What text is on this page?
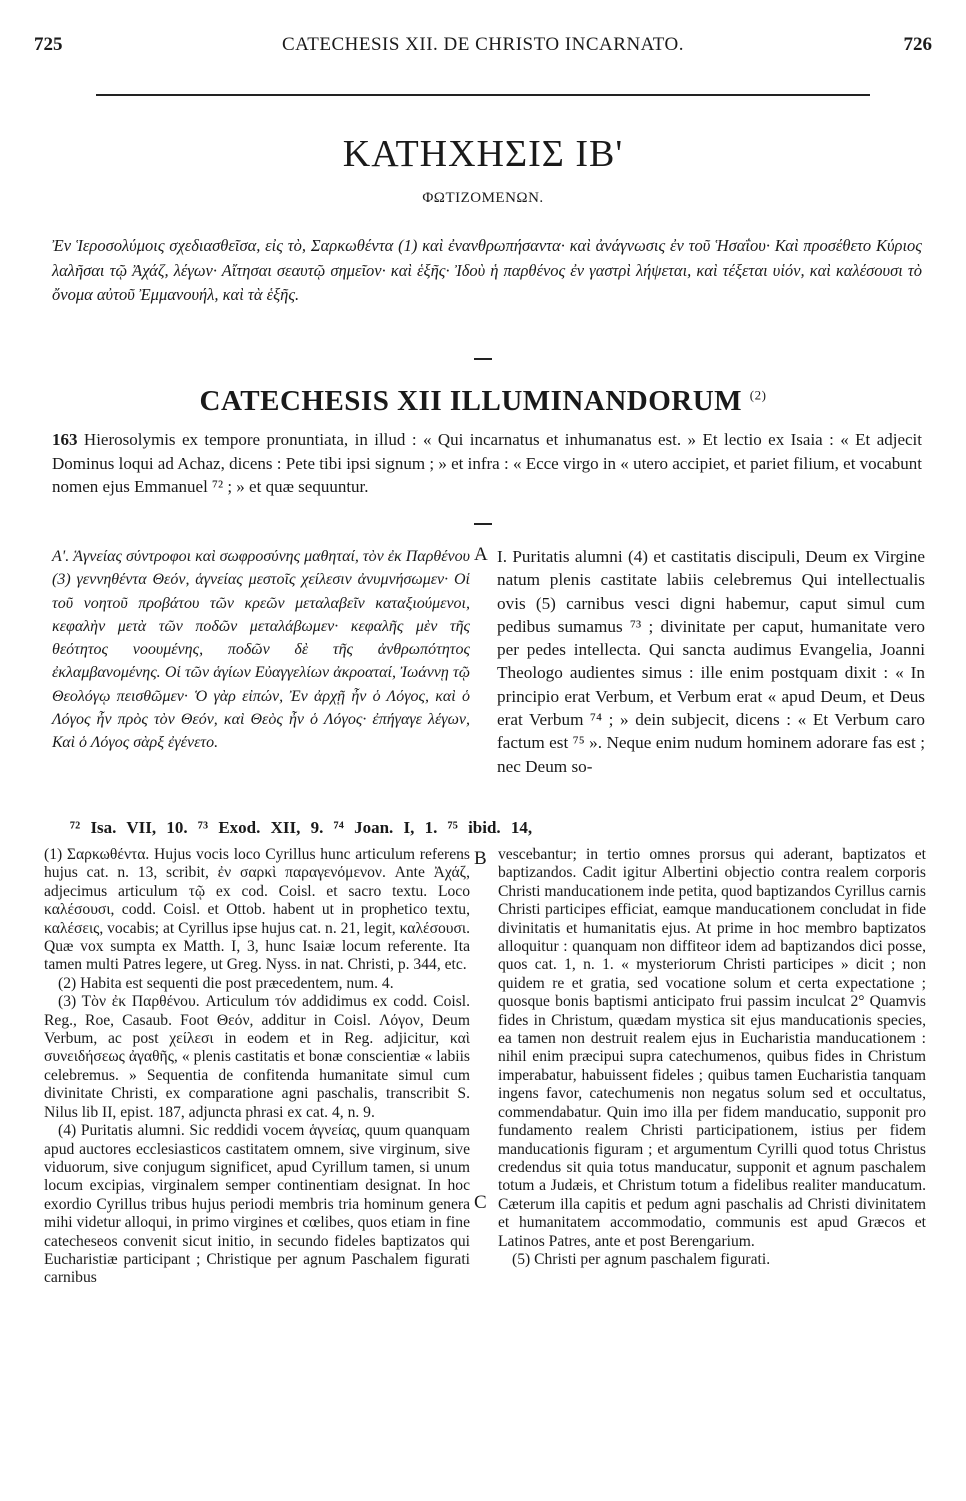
725	CATECHESIS XII. DE CHRISTO INCARNATO.	726
ΚΑΤΗΧΗΣΙΣ ΙΒ'
ΦΩΤΙΖΟΜΕΝΩΝ.
Ἐν Ἱεροσολύμοις σχεδιασθεῖσα, εἰς τὸ, Σαρκωθέντα (1) καὶ ἐνανθρωπήσαντα· καὶ ἀνάγνωσις ἐν τοῦ Ἡσαΐου· Καὶ προσέθετο Κύριος λαλῆσαι τῷ Ἀχάζ, λέγων· Αἴτησαι σεαυτῷ σημεῖον· καὶ ἑξῆς· Ἰδοὺ ἡ παρθένος ἐν γαστρὶ λήψεται, καὶ τέξεται υἱόν, καὶ καλέσουσι τὸ ὄνομα αὐτοῦ Ἐμμανουήλ, καὶ τὰ ἑξῆς.
CATECHESIS XII ILLUMINANDORUM $^{(2)}$
163 Hierosolymis ex tempore pronuntiata, in illud : « Qui incarnatus et inhumanatus est. » Et lectio ex Isaia : « Et adjecit Dominus loqui ad Achaz, dicens : Pete tibi ipsi signum ; » et infra : « Ecce virgo in « utero accipiet, et pariet filium, et vocabunt nomen ejus Emmanuel ⁷² ; » et quæ sequuntur.
Α'. Ἁγνείας σύντροφοι καὶ σωφροσύνης μαθηταί, τὸν ἐκ Παρθένου (3) γεννηθέντα Θεόν, ἁγνείας μεστοῖς χείλεσιν ἀνυμνήσωμεν· Οἱ τοῦ νοητοῦ προβάτου τῶν κρεῶν μεταλαβεῖν καταξιούμενοι, κεφαλὴν μετὰ τῶν ποδῶν μεταλάβωμεν· κεφαλῆς μὲν τῆς θεότητος νοουμένης, ποδῶν δὲ τῆς ἀνθρωπότητος ἐκλαμβανομένης. Οἱ τῶν ἁγίων Εὐαγγελίων ἀκροαταί, Ἰωάννῃ τῷ Θεολόγῳ πεισθῶμεν· Ὁ γὰρ εἰπών, Ἐν ἀρχῇ ἦν ὁ Λόγος, καὶ ὁ Λόγος ἦν πρὸς τὸν Θεόν, καὶ Θεὸς ἦν ὁ Λόγος· ἐπήγαγε λέγων, Καὶ ὁ Λόγος σὰρξ ἐγένετο.
A I. Puritatis alumni (4) et castitatis discipuli, Deum ex Virgine natum plenis castitate labiis celebremus Qui intellectualis ovis (5) carnibus vesci digni habemur, caput simul cum pedibus sumamus ⁷³ ; divinitate per caput, humanitate vero per pedes intellecta. Qui sancta audimus Evangelia, Joanni Theologo audientes simus : ille enim postquam dixit : « In principio erat Verbum, et Verbum erat « apud Deum, et Deus erat Verbum ⁷⁴ ; » dein subjecit, dicens : « Et Verbum caro factum est ⁷⁵ ». Neque enim nudum hominem adorare fas est ; nec Deum so-
⁷² Isa. VII, 10. ⁷³ Exod. XII, 9. ⁷⁴ Joan. I, 1. ⁷⁵ ibid. 14,

(1) Σαρκωθέντα. Hujus vocis loco Cyrillus hunc articulum referens hujus cat. n. 13, scribit, ἐν σαρκὶ παραγενόμενον. Ante Ἀχάζ, adjecimus articulum τῷ ex cod. Coisl. et sacro textu. Loco καλέσουσι, codd. Coisl. et Ottob. habent ut in prophetico textu, καλέσεις, vocabis; at Cyrillus ipse hujus cat. n. 21, legit, καλέσουσι. Quæ vox sumpta ex Matth. I, 3, hunc Isaiæ locum referente. Ita tamen multi Patres legere, ut Greg. Nyss. in nat. Christi, p. 344, etc.

(2) Habita est sequenti die post præcedentem, num. 4.

(3) Τὸν ἐκ Παρθένου. Articulum τόν addidimus ex codd. Coisl. Reg., Roe, Casaub. Foot Θεόν, additur in Coisl. Λόγον, Deum Verbum, ac post χείλεσι in eodem et in Reg. adjicitur, καὶ συνειδήσεως ἀγαθῆς, « plenis castitatis et bonæ conscientiæ « labiis celebremus. » Sequentia de confitenda humanitate simul cum divinitate Christi, ex comparatione agni paschalis, transcribit S. Nilus lib II, epist. 187, adjuncta phrasi ex cat. 4, n. 9.

(4) Puritatis alumni. Sic reddidi vocem ἁγνείας, quum quanquam apud auctores ecclesiasticos castitatem omnem, sive virginum, sive viduorum, sive conjugum significet, apud Cyrillum tamen, si unum locum excipias, virginalem semper continentiam designat. In hoc exordio Cyrillus tribus hujus periodi membris tria hominum genera mihi videtur alloqui, in primo virgines et cœlibes, quos etiam in fine catecheseos convenit sicut initio, in secundo fideles baptizatos qui Eucharistiæ participant ; Christique per agnum Paschalem figurati carnibus

B
C

vescebantur; in tertio omnes prorsus qui aderant, baptizatos et baptizandos. Cadit igitur Albertini objectio contra realem corporis Christi manducationem inde petita, quod baptizandos Cyrillus carnis Christi participes efficiat, eamque manducationem concludat in fide divinitatis et humanitatis ejus. At prime in hoc membro baptizatos alloquitur : quanquam non diffiteor idem ad baptizandos dici posse, quos cat. 1, n. 1. « mysteriorum Christi participes » dicit ; non quidem re et gratia, sed vocatione solum et certa expectatione ; quosque bonis baptismi anticipato frui passim inculcat 2° Quamvis fides in Christum, quædam mystica sit ejus manducationis species, ea tamen non destruit realem ejus in Eucharistia manducationem : nihil enim præcipui supra catechumenos, quibus fides in Christum imperabatur, habuissent fideles ; quibus tamen Eucharistia tanquam ingens favor, catechumenis non negatus solum sed et occultatus, commendabatur. Quin imo illa per fidem manducatio, supponit pro fundamento realem Christi participationem, istius per fidem manducationis figuram ; et argumentum Cyrilli quod totus Christus credendus sit quia totus manducatur, supponit et agnum paschalem totum a Judæis, et Christum totum a fidelibus realiter manducatum. Cæterum illa capitis et pedum agni paschalis ad Christi divinitatem et humanitatem accommodatio, communis est apud Græcos et Latinos Patres, ante et post Berengarium.

(5) Christi per agnum paschalem figurati.
